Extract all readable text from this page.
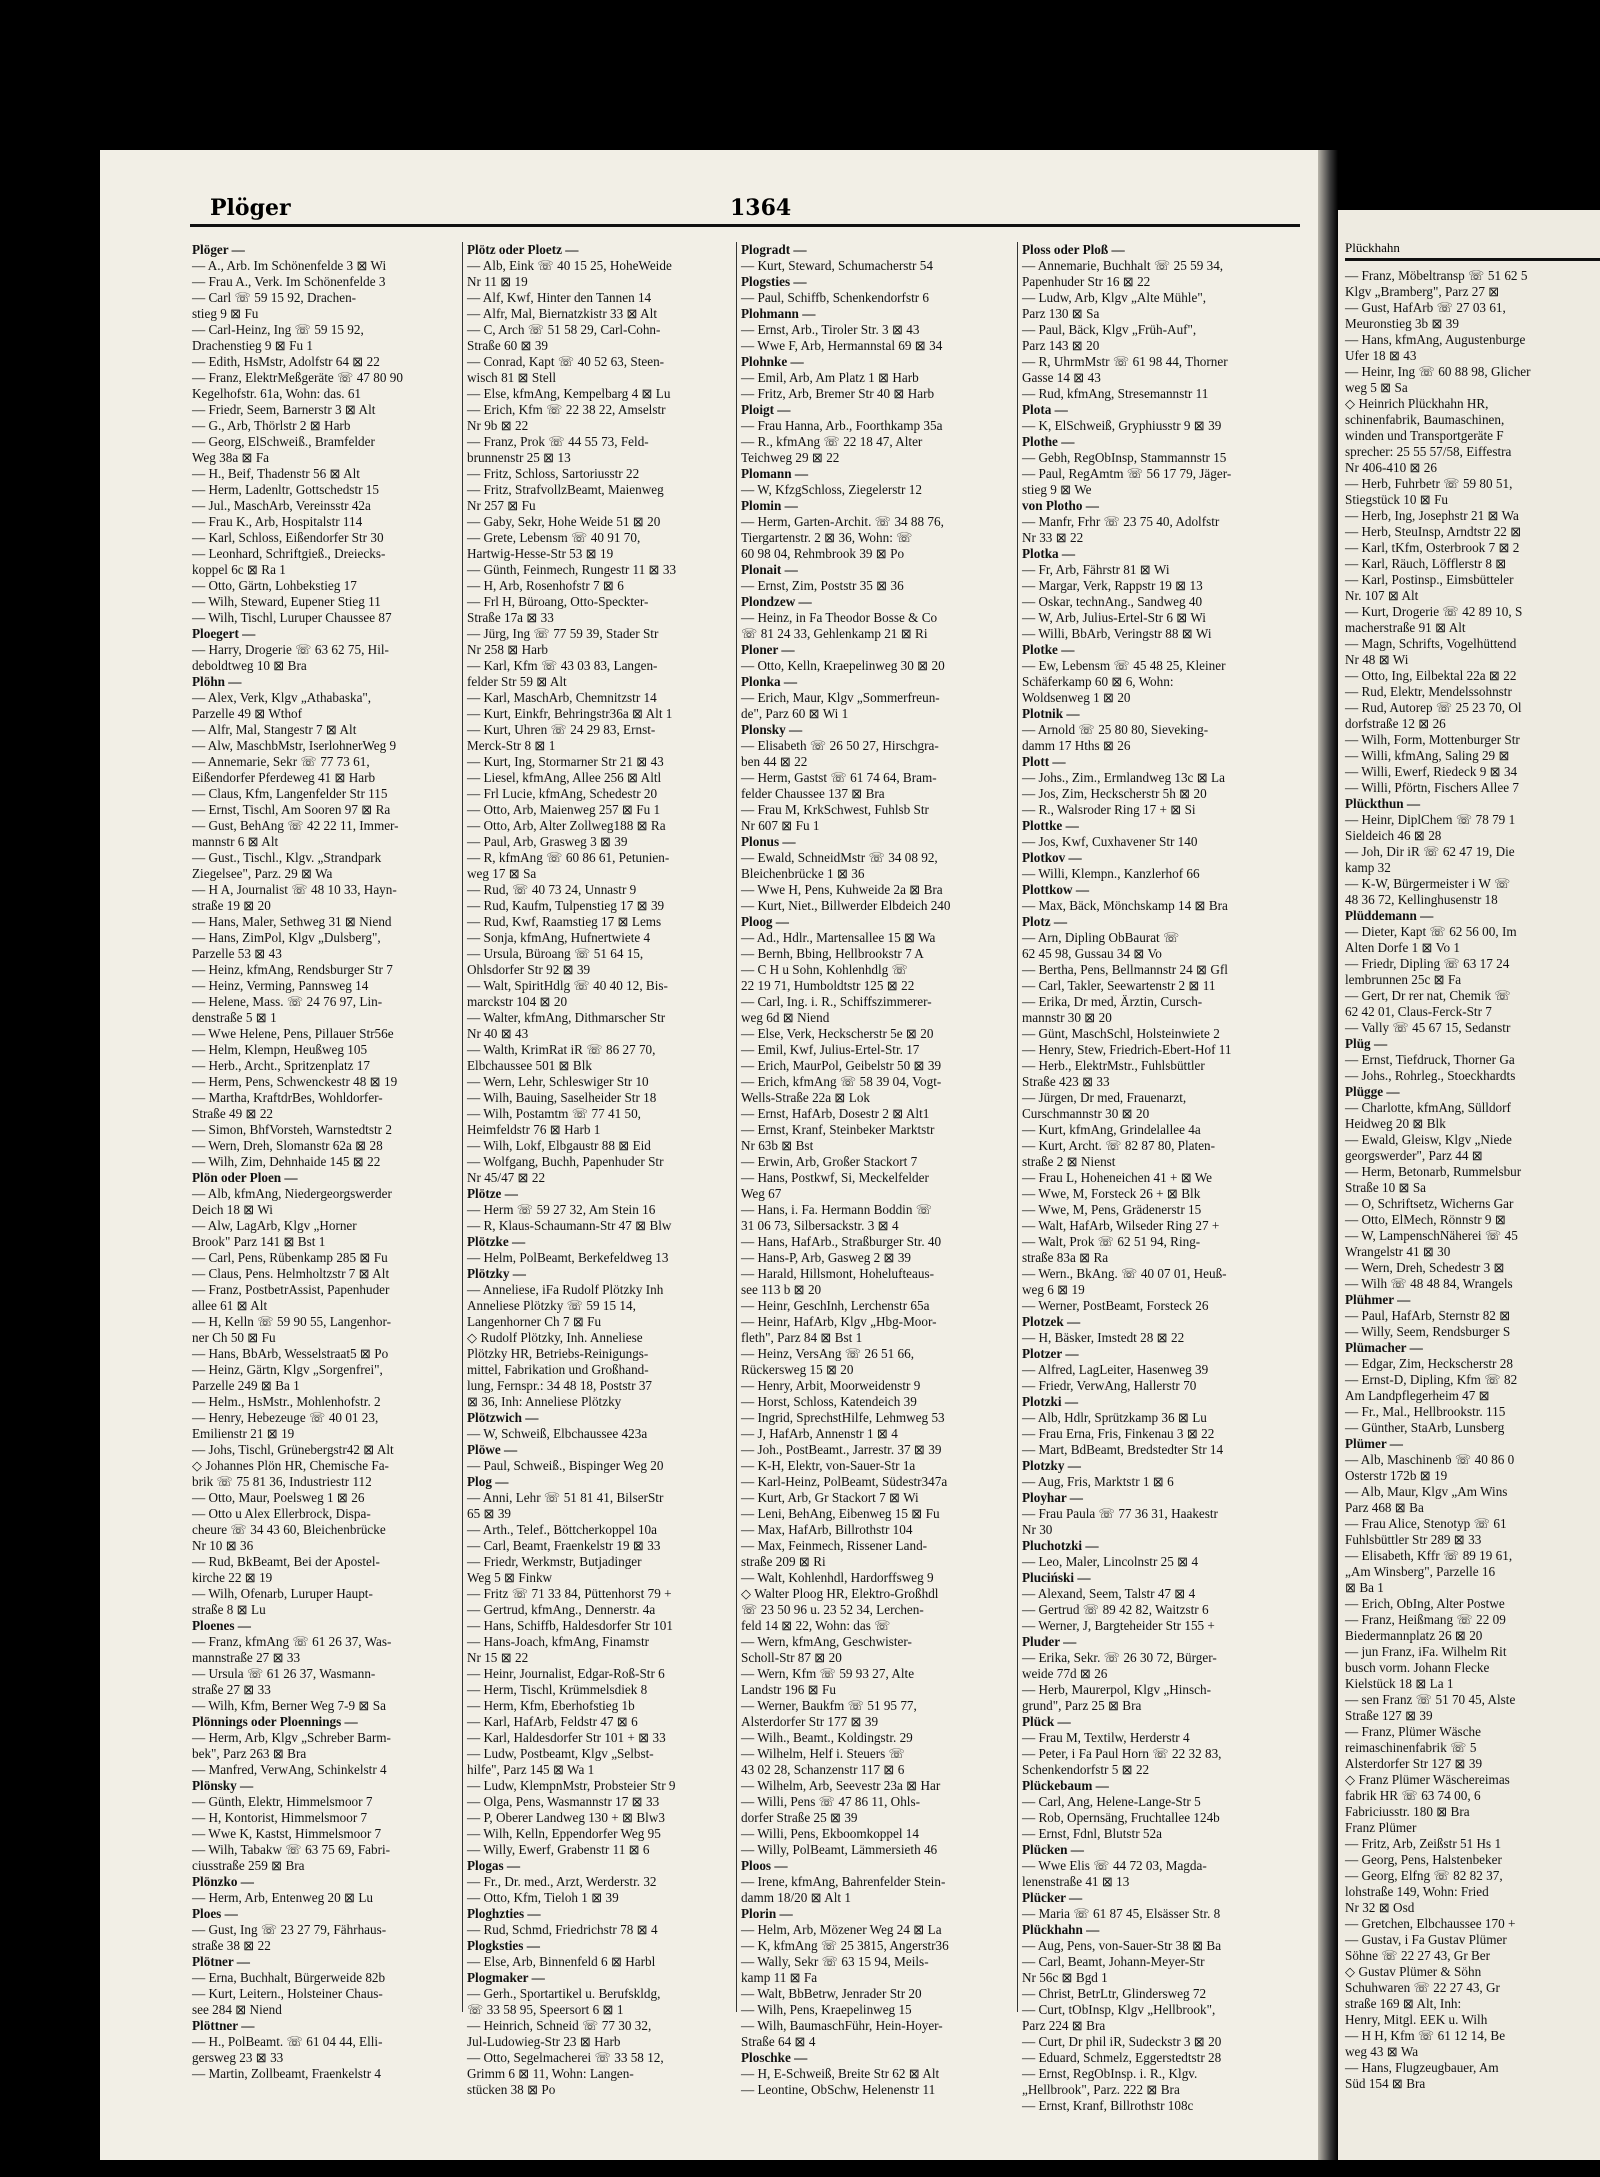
Plöger	1364
Plöger —
— A., Arb. Im Schönenfelde 3 ⊠ Wi
— Frau A., Verk. Im Schönenfelde 3
— Carl ☏ 59 15 92, Drachen-
stieg 9 ⊠ Fu
— Carl-Heinz, Ing ☏ 59 15 92,
Drachenstieg 9 ⊠ Fu 1
— Edith, HsMstr, Adolfstr 64 ⊠ 22
— Franz, ElektrMeßgeräte ☏ 47 80 90
Kegelhofstr. 61a, Wohn: das. 61
— Friedr, Seem, Barnerstr 3 ⊠ Alt
— G., Arb, Thörlstr 2 ⊠ Harb
— Georg, ElSchweiß., Bramfelder
Weg 38a ⊠ Fa
— H., Beif, Thadenstr 56 ⊠ Alt
— Herm, Ladenltr, Gottschedstr 15
— Jul., MaschArb, Vereinsstr 42a
— Frau K., Arb, Hospitalstr 114
— Karl, Schloss, Eißendorfer Str 30
— Leonhard, Schriftgieß., Dreiecks-
koppel 6c ⊠ Ra 1
— Otto, Gärtn, Lohbekstieg 17
— Wilh, Steward, Eupener Stieg 11
— Wilh, Tischl, Luruper Chaussee 87
Ploegert —
— Harry, Drogerie ☏ 63 62 75, Hil-
deboldtweg 10 ⊠ Bra
Plöhn —
— Alex, Verk, Klgv „Athabaska",
Parzelle 49 ⊠ Wthof
— Alfr, Mal, Stangestr 7 ⊠ Alt
— Alw, MaschbMstr, IserlohnerWeg 9
— Annemarie, Sekr ☏ 77 73 61,
Eißendorfer Pferdeweg 41 ⊠ Harb
— Claus, Kfm, Langenfelder Str 115
— Ernst, Tischl, Am Sooren 97 ⊠ Ra
— Gust, BehAng ☏ 42 22 11, Immer-
mannstr 6 ⊠ Alt
— Gust., Tischl., Klgv. „Strandpark
Ziegelsee", Parz. 29 ⊠ Wa
— H A, Journalist ☏ 48 10 33, Hayn-
straße 19 ⊠ 20
— Hans, Maler, Sethweg 31 ⊠ Niend
— Hans, ZimPol, Klgv „Dulsberg",
Parzelle 53 ⊠ 43
— Heinz, kfmAng, Rendsburger Str 7
— Heinz, Verming, Pannsweg 14
— Helene, Mass. ☏ 24 76 97, Lin-
denstraße 5 ⊠ 1
— Wwe Helene, Pens, Pillauer Str56e
— Helm, Klempn, Heußweg 105
— Herb., Archt., Spritzenplatz 17
— Herm, Pens, Schwenckestr 48 ⊠ 19
— Martha, KraftdrBes, Wohldorfer-
Straße 49 ⊠ 22
— Simon, BhfVorsteh, Warnstedtstr 2
— Wern, Dreh, Slomanstr 62a ⊠ 28
— Wilh, Zim, Dehnhaide 145 ⊠ 22
Plön oder Ploen —
— Alb, kfmAng, Niedergeorgswerder
Deich 18 ⊠ Wi
— Alw, LagArb, Klgv „Horner
Brook" Parz 141 ⊠ Bst 1
— Carl, Pens, Rübenkamp 285 ⊠ Fu
— Claus, Pens. Helmholtzstr 7 ⊠ Alt
— Franz, PostbetrAssist, Papenhuder
allee 61 ⊠ Alt
— H, Kelln ☏ 59 90 55, Langenhor-
ner Ch 50 ⊠ Fu
— Hans, BbArb, Wesselstraat5 ⊠ Po
— Heinz, Gärtn, Klgv „Sorgenfrei",
Parzelle 249 ⊠ Ba 1
— Helm., HsMstr., Mohlenhofstr. 2
— Henry, Hebezeuge ☏ 40 01 23,
Emilienstr 21 ⊠ 19
— Johs, Tischl, Grünebergstr42 ⊠ Alt
◇ Johannes Plön HR, Chemische Fa-
brik ☏ 75 81 36, Industriestr 112
— Otto, Maur, Poelsweg 1 ⊠ 26
— Otto u Alex Ellerbrock, Dispa-
cheure ☏ 34 43 60, Bleichenbrücke
Nr 10 ⊠ 36
— Rud, BkBeamt, Bei der Apostel-
kirche 22 ⊠ 19
— Wilh, Ofenarb, Luruper Haupt-
straße 8 ⊠ Lu
Ploenes —
— Franz, kfmAng ☏ 61 26 37, Was-
mannstraße 27 ⊠ 33
— Ursula ☏ 61 26 37, Wasmann-
straße 27 ⊠ 33
— Wilh, Kfm, Berner Weg 7-9 ⊠ Sa
Plönnings oder Ploennings —
— Herm, Arb, Klgv „Schreber Barm-
bek", Parz 263 ⊠ Bra
— Manfred, VerwAng, Schinkelstr 4
Plönsky —
— Günth, Elektr, Himmelsmoor 7
— H, Kontorist, Himmelsmoor 7
— Wwe K, Kastst, Himmelsmoor 7
— Wilh, Tabakw ☏ 63 75 69, Fabri-
ciusstraße 259 ⊠ Bra
Plönzko —
— Herm, Arb, Entenweg 20 ⊠ Lu
Ploes —
— Gust, Ing ☏ 23 27 79, Fährhaus-
straße 38 ⊠ 22
Plötner —
— Erna, Buchhalt, Bürgerweide 82b
— Kurt, Leitern., Holsteiner Chaus-
see 284 ⊠ Niend
Plöttner —
— H., PolBeamt. ☏ 61 04 44, Elli-
gersweg 23 ⊠ 33
— Martin, Zollbeamt, Fraenkelstr 4
Plötz oder Ploetz —
— Alb, Eink ☏ 40 15 25, HoheWeide
Nr 11 ⊠ 19
— Alf, Kwf, Hinter den Tannen 14
— Alfr, Mal, Biernatzkistr 33 ⊠ Alt
— C, Arch ☏ 51 58 29, Carl-Cohn-
Straße 60 ⊠ 39
— Conrad, Kapt ☏ 40 52 63, Steen-
wisch 81 ⊠ Stell
— Else, kfmAng, Kempelbarg 4 ⊠ Lu
— Erich, Kfm ☏ 22 38 22, Amselstr
Nr 9b ⊠ 22
— Franz, Prok ☏ 44 55 73, Feld-
brunnenstr 25 ⊠ 13
— Fritz, Schloss, Sartoriusstr 22
— Fritz, StrafvollzBeamt, Maienweg
Nr 257 ⊠ Fu
— Gaby, Sekr, Hohe Weide 51 ⊠ 20
— Grete, Lebensm ☏ 40 91 70,
Hartwig-Hesse-Str 53 ⊠ 19
— Günth, Feinmech, Rungestr 11 ⊠ 33
— H, Arb, Rosenhofstr 7 ⊠ 6
— Frl H, Büroang, Otto-Speckter-
Straße 17a ⊠ 33
— Jürg, Ing ☏ 77 59 39, Stader Str
Nr 258 ⊠ Harb
— Karl, Kfm ☏ 43 03 83, Langen-
felder Str 59 ⊠ Alt
— Karl, MaschArb, Chemnitzstr 14
— Kurt, Einkfr, Behringstr36a ⊠ Alt 1
— Kurt, Uhren ☏ 24 29 83, Ernst-
Merck-Str 8 ⊠ 1
— Kurt, Ing, Stormarner Str 21 ⊠ 43
— Liesel, kfmAng, Allee 256 ⊠ Altl
— Frl Lucie, kfmAng, Schedestr 20
— Otto, Arb, Maienweg 257 ⊠ Fu 1
— Otto, Arb, Alter Zollweg188 ⊠ Ra
— Paul, Arb, Grasweg 3 ⊠ 39
— R, kfmAng ☏ 60 86 61, Petunien-
weg 17 ⊠ Sa
— Rud, ☏ 40 73 24, Unnastr 9
— Rud, Kaufm, Tulpenstieg 17 ⊠ 39
— Rud, Kwf, Raamstieg 17 ⊠ Lems
— Sonja, kfmAng, Hufnertwiete 4
— Ursula, Büroang ☏ 51 64 15,
Ohlsdorfer Str 92 ⊠ 39
— Walt, SpiritHdlg ☏ 40 40 12, Bis-
marckstr 104 ⊠ 20
— Walter, kfmAng, Dithmarscher Str
Nr 40 ⊠ 43
— Walth, KrimRat iR ☏ 86 27 70,
Elbchaussee 501 ⊠ Blk
— Wern, Lehr, Schleswiger Str 10
— Wilh, Bauing, Saselheider Str 18
— Wilh, Postamtm ☏ 77 41 50,
Heimfeldstr 76 ⊠ Harb 1
— Wilh, Lokf, Elbgaustr 88 ⊠ Eid
— Wolfgang, Buchh, Papenhuder Str
Nr 45/47 ⊠ 22
Plötze —
— Herm ☏ 59 27 32, Am Stein 16
— R, Klaus-Schaumann-Str 47 ⊠ Blw
Plötzke —
— Helm, PolBeamt, Berkefeldweg 13
Plötzky —
— Anneliese, iFa Rudolf Plötzky Inh
Anneliese Plötzky ☏ 59 15 14,
Langenhorner Ch 7 ⊠ Fu
◇ Rudolf Plötzky, Inh. Anneliese
Plötzky HR, Betriebs-Reinigungs-
mittel, Fabrikation und Großhand-
lung, Fernspr.: 34 48 18, Poststr 37
⊠ 36, Inh: Anneliese Plötzky
Plötzwich —
— W, Schweiß, Elbchaussee 423a
Plöwe —
— Paul, Schweiß., Bispinger Weg 20
Plog —
— Anni, Lehr ☏ 51 81 41, BilserStr
65 ⊠ 39
— Arth., Telef., Böttcherkoppel 10a
— Carl, Beamt, Fraenkelstr 19 ⊠ 33
— Friedr, Werkmstr, Butjadinger
Weg 5 ⊠ Finkw
— Fritz ☏ 71 33 84, Püttenhorst 79 +
— Gertrud, kfmAng., Dennerstr. 4a
— Hans, Schiffb, Haldesdorfer Str 101
— Hans-Joach, kfmAng, Finamstr
Nr 15 ⊠ 22
— Heinr, Journalist, Edgar-Roß-Str 6
— Herm, Tischl, Krümmelsdiek 8
— Herm, Kfm, Eberhofstieg 1b
— Karl, HafArb, Feldstr 47 ⊠ 6
— Karl, Haldesdorfer Str 101 + ⊠ 33
— Ludw, Postbeamt, Klgv „Selbst-
hilfe", Parz 145 ⊠ Wa 1
— Ludw, KlempnMstr, Probsteier Str 9
— Olga, Pens, Wasmannstr 17 ⊠ 33
— P, Oberer Landweg 130 + ⊠ Blw3
— Wilh, Kelln, Eppendorfer Weg 95
— Willy, Ewerf, Grabenstr 11 ⊠ 6
Plogas —
— Fr., Dr. med., Arzt, Werderstr. 32
— Otto, Kfm, Tieloh 1 ⊠ 39
Ploghzties —
— Rud, Schmd, Friedrichstr 78 ⊠ 4
Plogksties —
— Else, Arb, Binnenfeld 6 ⊠ Harbl
Plogmaker —
— Gerh., Sportartikel u. Berufskldg,
☏ 33 58 95, Speersort 6 ⊠ 1
— Heinrich, Schneid ☏ 77 30 32,
Jul-Ludowieg-Str 23 ⊠ Harb
— Otto, Segelmacherei ☏ 33 58 12,
Grimm 6 ⊠ 11, Wohn: Langen-
stücken 38 ⊠ Po
Plogradt —
— Kurt, Steward, Schumacherstr 54
Plogsties —
— Paul, Schiffb, Schenkendorfstr 6
Plohmann —
— Ernst, Arb., Tiroler Str. 3 ⊠ 43
— Wwe F, Arb, Hermannstal 69 ⊠ 34
Plohnke —
— Emil, Arb, Am Platz 1 ⊠ Harb
— Fritz, Arb, Bremer Str 40 ⊠ Harb
Ploigt —
— Frau Hanna, Arb., Foorthkamp 35a
— R., kfmAng ☏ 22 18 47, Alter
Teichweg 29 ⊠ 22
Plomann —
— W, KfzgSchloss, Ziegelerstr 12
Plomin —
— Herm, Garten-Archit. ☏ 34 88 76,
Tiergartenstr. 2 ⊠ 36, Wohn: ☏
60 98 04, Rehmbrook 39 ⊠ Po
Plonait —
— Ernst, Zim, Poststr 35 ⊠ 36
Plondzew —
— Heinz, in Fa Theodor Bosse & Co
☏ 81 24 33, Gehlenkamp 21 ⊠ Ri
Ploner —
— Otto, Kelln, Kraepelinweg 30 ⊠ 20
Plonka —
— Erich, Maur, Klgv „Sommerfreun-
de", Parz 60 ⊠ Wi 1
Plonsky —
— Elisabeth ☏ 26 50 27, Hirschgra-
ben 44 ⊠ 22
— Herm, Gastst ☏ 61 74 64, Bram-
felder Chaussee 137 ⊠ Bra
— Frau M, KrkSchwest, Fuhlsb Str
Nr 607 ⊠ Fu 1
Plonus —
— Ewald, SchneidMstr ☏ 34 08 92,
Bleichenbrücke 1 ⊠ 36
— Wwe H, Pens, Kuhweide 2a ⊠ Bra
— Kurt, Niet., Billwerder Elbdeich 240
Ploog —
— Ad., Hdlr., Martensallee 15 ⊠ Wa
— Bernh, Bbing, Hellbrookstr 7 A
— C H u Sohn, Kohlenhdlg ☏
22 19 71, Humboldtstr 125 ⊠ 22
— Carl, Ing. i. R., Schiffszimmerer-
weg 6d ⊠ Niend
— Else, Verk, Heckscherstr 5e ⊠ 20
— Emil, Kwf, Julius-Ertel-Str. 17
— Erich, MaurPol, Geibelstr 50 ⊠ 39
— Erich, kfmAng ☏ 58 39 04, Vogt-
Wells-Straße 22a ⊠ Lok
— Ernst, HafArb, Dosestr 2 ⊠ Alt1
— Ernst, Kranf, Steinbeker Marktstr
Nr 63b ⊠ Bst
— Erwin, Arb, Großer Stackort 7
— Hans, Postkwf, Si, Meckelfelder
Weg 67
— Hans, i. Fa. Hermann Boddin ☏
31 06 73, Silbersackstr. 3 ⊠ 4
— Hans, HafArb., Straßburger Str. 40
— Hans-P, Arb, Gasweg 2 ⊠ 39
— Harald, Hillsmont, Hohelufteaus-
see 113 b ⊠ 20
— Heinr, GeschInh, Lerchenstr 65a
— Heinr, HafArb, Klgv „Hbg-Moor-
fleth", Parz 84 ⊠ Bst 1
— Heinz, VersAng ☏ 26 51 66,
Rückersweg 15 ⊠ 20
— Henry, Arbit, Moorweidenstr 9
— Horst, Schloss, Katendeich 39
— Ingrid, SprechstHilfe, Lehmweg 53
— J, HafArb, Annenstr 1 ⊠ 4
— Joh., PostBeamt., Jarrestr. 37 ⊠ 39
— K-H, Elektr, von-Sauer-Str 1a
— Karl-Heinz, PolBeamt, Südestr347a
— Kurt, Arb, Gr Stackort 7 ⊠ Wi
— Leni, BehAng, Eibenweg 15 ⊠ Fu
— Max, HafArb, Billrothstr 104
— Max, Feinmech, Rissener Land-
straße 209 ⊠ Ri
— Walt, Kohlenhdl, Hardorffsweg 9
◇ Walter Ploog HR, Elektro-Großhdl
☏ 23 50 96 u. 23 52 34, Lerchen-
feld 14 ⊠ 22, Wohn: das ☏
— Wern, kfmAng, Geschwister-
Scholl-Str 87 ⊠ 20
— Wern, Kfm ☏ 59 93 27, Alte
Landstr 196 ⊠ Fu
— Werner, Baukfm ☏ 51 95 77,
Alsterdorfer Str 177 ⊠ 39
— Wilh., Beamt., Koldingstr. 29
— Wilhelm, Helf i. Steuers ☏
43 02 28, Schanzenstr 117 ⊠ 6
— Wilhelm, Arb, Seevestr 23a ⊠ Har
— Willi, Pens ☏ 47 86 11, Ohls-
dorfer Straße 25 ⊠ 39
— Willi, Pens, Ekboomkoppel 14
— Willy, PolBeamt, Lämmersieth 46
Ploos —
— Irene, kfmAng, Bahrenfelder Stein-
damm 18/20 ⊠ Alt 1
Plorin —
— Helm, Arb, Mözener Weg 24 ⊠ La
— K, kfmAng ☏ 25 3815, Angerstr36
— Wally, Sekr ☏ 63 15 94, Meils-
kamp 11 ⊠ Fa
— Walt, BbBetrw, Jenrader Str 20
— Wilh, Pens, Kraepelinweg 15
— Wilh, BaumaschFühr, Hein-Hoyer-
Straße 64 ⊠ 4
Ploschke —
— H, E-Schweiß, Breite Str 62 ⊠ Alt
— Leontine, ObSchw, Helenenstr 11
Ploss oder Ploß —
— Annemarie, Buchhalt ☏ 25 59 34,
Papenhuder Str 16 ⊠ 22
— Ludw, Arb, Klgv „Alte Mühle",
Parz 130 ⊠ Sa
— Paul, Bäck, Klgv „Früh-Auf",
Parz 143 ⊠ 20
— R, UhrmMstr ☏ 61 98 44, Thorner
Gasse 14 ⊠ 43
— Rud, kfmAng, Stresemannstr 11
Plota —
— K, ElSchweiß, Gryphiusstr 9 ⊠ 39
Plothe —
— Gebh, RegObInsp, Stammannstr 15
— Paul, RegAmtm ☏ 56 17 79, Jäger-
stieg 9 ⊠ We
von Plotho —
— Manfr, Frhr ☏ 23 75 40, Adolfstr
Nr 33 ⊠ 22
Plotka —
— Fr, Arb, Fährstr 81 ⊠ Wi
— Margar, Verk, Rappstr 19 ⊠ 13
— Oskar, technAng., Sandweg 40
— W, Arb, Julius-Ertel-Str 6 ⊠ Wi
— Willi, BbArb, Veringstr 88 ⊠ Wi
Plotke —
— Ew, Lebensm ☏ 45 48 25, Kleiner
Schäferkamp 60 ⊠ 6, Wohn:
Woldsenweg 1 ⊠ 20
Plotnik —
— Arnold ☏ 25 80 80, Sieveking-
damm 17 Hths ⊠ 26
Plott —
— Johs., Zim., Ermlandweg 13c ⊠ La
— Jos, Zim, Heckscherstr 5h ⊠ 20
— R., Walsroder Ring 17 + ⊠ Si
Plottke —
— Jos, Kwf, Cuxhavener Str 140
Plotkov —
— Willi, Klempn., Kanzlerhof 66
Plottkow —
— Max, Bäck, Mönchskamp 14 ⊠ Bra
Plotz —
— Arn, Dipling ObBaurat ☏
62 45 98, Gussau 34 ⊠ Vo
— Bertha, Pens, Bellmannstr 24 ⊠ Gfl
— Carl, Takler, Seewartenstr 2 ⊠ 11
— Erika, Dr med, Ärztin, Cursch-
mannstr 30 ⊠ 20
— Günt, MaschSchl, Holsteinwiete 2
— Henry, Stew, Friedrich-Ebert-Hof 11
— Herb., ElektrMstr., Fuhlsbüttler
Straße 423 ⊠ 33
— Jürgen, Dr med, Frauenarzt,
Curschmannstr 30 ⊠ 20
— Kurt, kfmAng, Grindelallee 4a
— Kurt, Archt. ☏ 82 87 80, Platen-
straße 2 ⊠ Nienst
— Frau L, Hoheneichen 41 + ⊠ We
— Wwe, M, Forsteck 26 + ⊠ Blk
— Wwe, M, Pens, Grädenerstr 15
— Walt, HafArb, Wilseder Ring 27 +
— Walt, Prok ☏ 62 51 94, Ring-
straße 83a ⊠ Ra
— Wern., BkAng. ☏ 40 07 01, Heuß-
weg 6 ⊠ 19
— Werner, PostBeamt, Forsteck 26
Plotzek —
— H, Bäsker, Imstedt 28 ⊠ 22
Plotzer —
— Alfred, LagLeiter, Hasenweg 39
— Friedr, VerwAng, Hallerstr 70
Plotzki —
— Alb, Hdlr, Sprützkamp 36 ⊠ Lu
— Frau Erna, Fris, Finkenau 3 ⊠ 22
— Mart, BdBeamt, Bredstedter Str 14
Plotzky —
— Aug, Fris, Marktstr 1 ⊠ 6
Ployhar —
— Frau Paula ☏ 77 36 31, Haakestr
Nr 30
Pluchotzki —
— Leo, Maler, Lincolnstr 25 ⊠ 4
Pluciński —
— Alexand, Seem, Talstr 47 ⊠ 4
— Gertrud ☏ 89 42 82, Waitzstr 6
— Werner, J, Bargteheider Str 155 +
Pluder —
— Erika, Sekr. ☏ 26 30 72, Bürger-
weide 77d ⊠ 26
— Herb, Maurerpol, Klgv „Hinsch-
grund", Parz 25 ⊠ Bra
Plück —
— Frau M, Textilw, Herderstr 4
— Peter, i Fa Paul Horn ☏ 22 32 83,
Schenkendorfstr 5 ⊠ 22
Plückebaum —
— Carl, Ang, Helene-Lange-Str 5
— Rob, Opernsäng, Fruchtallee 124b
— Ernst, Fdnl, Blutstr 52a
Plücken —
— Wwe Elis ☏ 44 72 03, Magda-
lenenstraße 41 ⊠ 13
Plücker —
— Maria ☏ 61 87 45, Elsässer Str. 8
Plückhahn —
— Aug, Pens, von-Sauer-Str 38 ⊠ Ba
— Carl, Beamt, Johann-Meyer-Str
Nr 56c ⊠ Bgd 1
— Christ, BetrLtr, Glindersweg 72
— Curt, tObInsp, Klgv „Hellbrook",
Parz 224 ⊠ Bra
— Curt, Dr phil iR, Sudeckstr 3 ⊠ 20
— Eduard, Schmelz, Eggerstedtstr 28
— Ernst, RegObInsp. i. R., Klgv.
„Hellbrook", Parz. 222 ⊠ Bra
— Ernst, Kranf, Billrothstr 108c
Plückhahn
— Franz, Möbeltransp ☏ 51 62 5
Klgv „Bramberg", Parz 27 ⊠
— Gust, HafArb ☏ 27 03 61,
Meuronstieg 3b ⊠ 39
— Hans, kfmAng, Augustenburge
Ufer 18 ⊠ 43
— Heinr, Ing ☏ 60 88 98, Glicher
weg 5 ⊠ Sa
◇ Heinrich Plückhahn HR,
schinenfabrik, Baumaschinen,
winden und Transportgeräte F
sprecher: 25 55 57/58, Eiffestra
Nr 406-410 ⊠ 26
— Herb, Fuhrbetr ☏ 59 80 51,
Stiegstück 10 ⊠ Fu
— Herb, Ing, Josephstr 21 ⊠ Wa
— Herb, SteuInsp, Arndtstr 22 ⊠
— Karl, tKfm, Osterbrook 7 ⊠ 2
— Karl, Räuch, Löfflerstr 8 ⊠
— Karl, Postinsp., Eimsbütteler
Nr. 107 ⊠ Alt
— Kurt, Drogerie ☏ 42 89 10, S
macherstraße 91 ⊠ Alt
— Magn, Schrifts, Vogelhüttend
Nr 48 ⊠ Wi
— Otto, Ing, Eilbektal 22a ⊠ 22
— Rud, Elektr, Mendelssohnstr
— Rud, Autorep ☏ 25 23 70, Ol
dorfstraße 12 ⊠ 26
— Wilh, Form, Mottenburger Str
— Willi, kfmAng, Saling 29 ⊠
— Willi, Ewerf, Riedeck 9 ⊠ 34
— Willi, Pförtn, Fischers Allee 7
Plückthun —
— Heinr, DiplChem ☏ 78 79 1
Sieldeich 46 ⊠ 28
— Joh, Dir iR ☏ 62 47 19, Die
kamp 32
— K-W, Bürgermeister i W ☏
48 36 72, Kellinghusenstr 18
Plüddemann —
— Dieter, Kapt ☏ 62 56 00, Im
Alten Dorfe 1 ⊠ Vo 1
— Friedr, Dipling ☏ 63 17 24
lembrunnen 25c ⊠ Fa
— Gert, Dr rer nat, Chemik ☏
62 42 01, Claus-Ferck-Str 7
— Vally ☏ 45 67 15, Sedanstr
Plüg —
— Ernst, Tiefdruck, Thorner Ga
— Johs., Rohrleg., Stoeckhardts
Plügge —
— Charlotte, kfmAng, Sülldorf
Heidweg 20 ⊠ Blk
— Ewald, Gleisw, Klgv „Niede
georgswerder", Parz 44 ⊠
— Herm, Betonarb, Rummelsbur
Straße 10 ⊠ Sa
— O, Schriftsetz, Wicherns Gar
— Otto, ElMech, Rönnstr 9 ⊠
— W, LampenschNäherei ☏ 45
Wrangelstr 41 ⊠ 30
— Wern, Dreh, Schedestr 3 ⊠
— Wilh ☏ 48 48 84, Wrangels
Plühmer —
— Paul, HafArb, Sternstr 82 ⊠
— Willy, Seem, Rendsburger S
Plümacher —
— Edgar, Zim, Heckscherstr 28
— Ernst-D, Dipling, Kfm ☏ 82
Am Landpflegerheim 47 ⊠
— Fr., Mal., Hellbrookstr. 115
— Günther, StaArb, Lunsberg
Plümer —
— Alb, Maschinenb ☏ 40 86 0
Osterstr 172b ⊠ 19
— Alb, Maur, Klgv „Am Wins
Parz 468 ⊠ Ba
— Frau Alice, Stenotyp ☏ 61
Fuhlsbüttler Str 289 ⊠ 33
— Elisabeth, Kffr ☏ 89 19 61,
„Am Winsberg", Parzelle 16
⊠ Ba 1
— Erich, ObIng, Alter Postwe
— Franz, Heißmang ☏ 22 09
Biedermannplatz 26 ⊠ 20
— jun Franz, iFa. Wilhelm Rit
busch vorm. Johann Flecke
Kielstück 18 ⊠ La 1
— sen Franz ☏ 51 70 45, Alste
Straße 127 ⊠ 39
— Franz, Plümer Wäsche
reimaschinenfabrik ☏ 5
Alsterdorfer Str 127 ⊠ 39
◇ Franz Plümer Wäschereimas
fabrik HR ☏ 63 74 00, 6
Fabriciusstr. 180 ⊠ Bra
Franz Plümer
— Fritz, Arb, Zeißstr 51 Hs 1
— Georg, Pens, Halstenbeker
— Georg, Elfng ☏ 82 82 37,
lohstraße 149, Wohn: Fried
Nr 32 ⊠ Osd
— Gretchen, Elbchaussee 170 +
— Gustav, i Fa Gustav Plümer
Söhne ☏ 22 27 43, Gr Ber
◇ Gustav Plümer & Söhn
Schuhwaren ☏ 22 27 43, Gr
straße 169 ⊠ Alt, Inh:
Henry, Mitgl. EEK u. Wilh
— H H, Kfm ☏ 61 12 14, Be
weg 43 ⊠ Wa
— Hans, Flugzeugbauer, Am
Süd 154 ⊠ Bra
